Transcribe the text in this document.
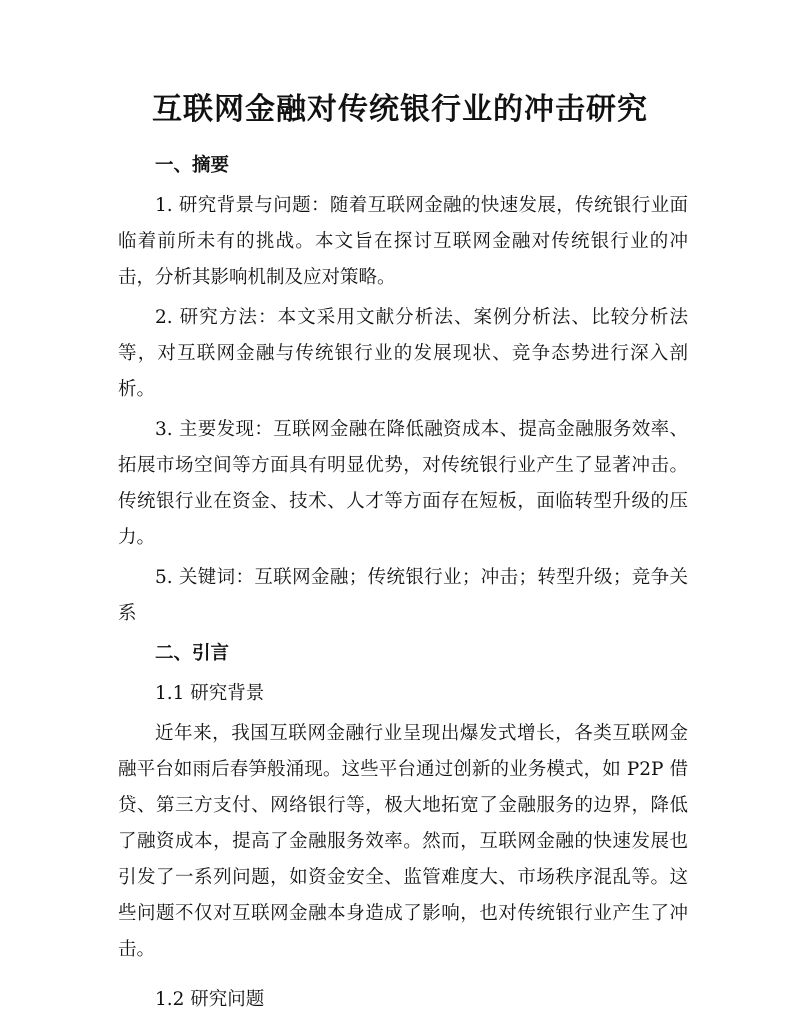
互联网金融对传统银行业的冲击研究

一、摘要

1. 研究背景与问题：随着互联网金融的快速发展，传统银行业面临着前所未有的挑战。本文旨在探讨互联网金融对传统银行业的冲击，分析其影响机制及应对策略。

2. 研究方法：本文采用文献分析法、案例分析法、比较分析法等，对互联网金融与传统银行业的发展现状、竞争态势进行深入剖析。

3. 主要发现：互联网金融在降低融资成本、提高金融服务效率、拓展市场空间等方面具有明显优势，对传统银行业产生了显著冲击。传统银行业在资金、技术、人才等方面存在短板，面临转型升级的压力。

5. 关键词：互联网金融；传统银行业；冲击；转型升级；竞争关系

二、引言

1.1 研究背景

近年来，我国互联网金融行业呈现出爆发式增长，各类互联网金融平台如雨后春笋般涌现。这些平台通过创新的业务模式，如 P2P 借贷、第三方支付、网络银行等，极大地拓宽了金融服务的边界，降低了融资成本，提高了金融服务效率。然而，互联网金融的快速发展也引发了一系列问题，如资金安全、监管难度大、市场秩序混乱等。这些问题不仅对互联网金融本身造成了影响，也对传统银行业产生了冲击。

1.2 研究问题
